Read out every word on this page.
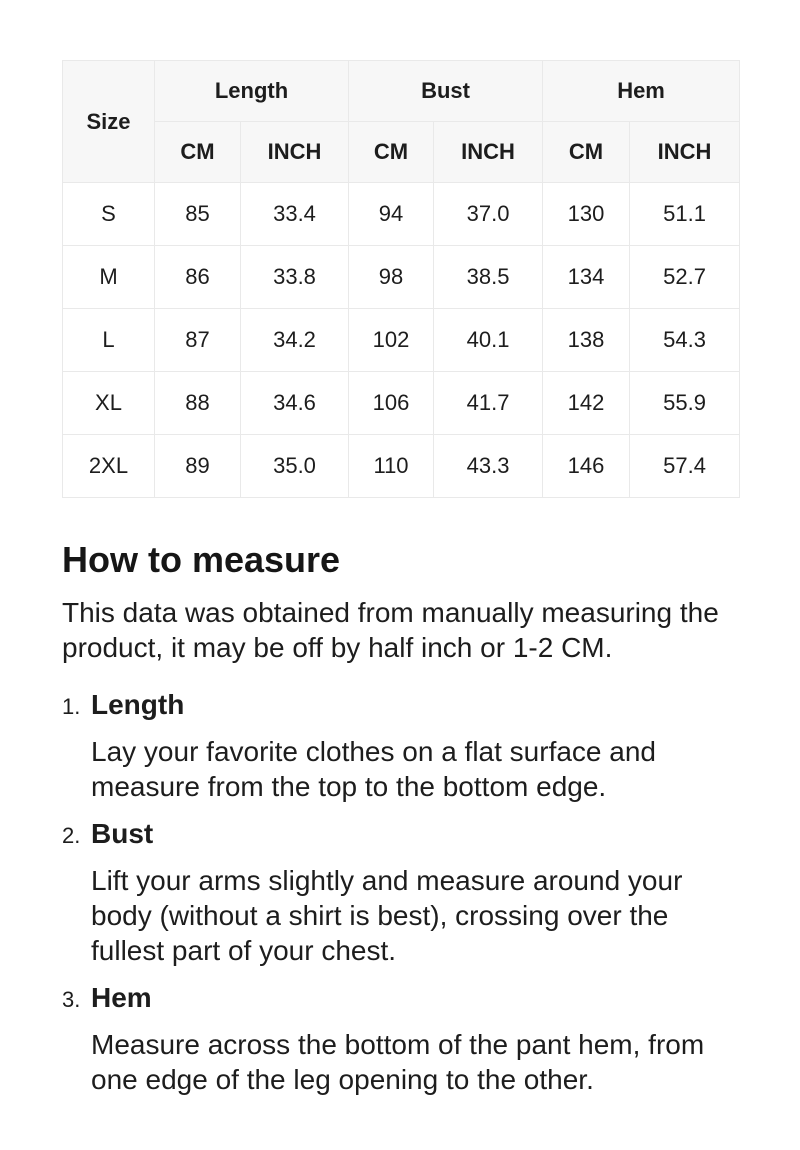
Size	Length		Bust		Hem	
	CM	INCH	CM	INCH	CM	INCH
S	85	33.4	94	37.0	130	51.1
M	86	33.8	98	38.5	134	52.7
L	87	34.2	102	40.1	138	54.3
XL	88	34.6	106	41.7	142	55.9
2XL	89	35.0	110	43.3	146	57.4
How to measure

This data was obtained from manually measuring the product, it may be off by half inch or 1-2 CM.

1. Length

Lay your favorite clothes on a flat surface and measure from the top to the bottom edge.

2. Bust

Lift your arms slightly and measure around your body (without a shirt is best), crossing over the fullest part of your chest.

3. Hem

Measure across the bottom of the pant hem, from one edge of the leg opening to the other.
